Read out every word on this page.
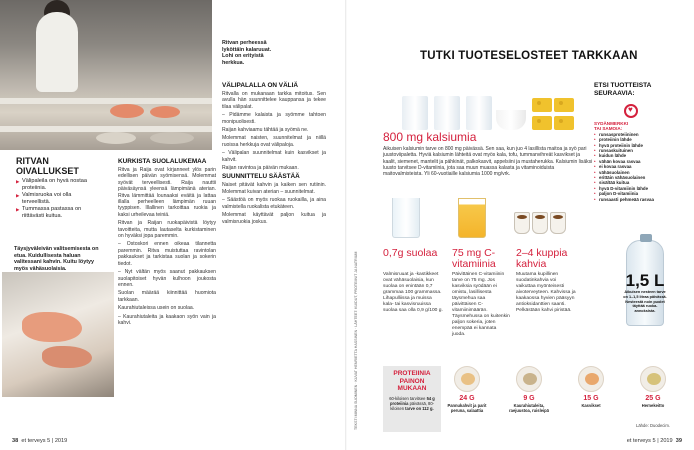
RITVAN
OIVALLUKSET
▶ Välipaleila on hyvä nostaa proteiinia.
▶ Valmisruoka voi olla terveellistä.
▶ Tummassa pastassa on riittävästi kuitua.
Täysjyväleivän valitsemisesta on etua. Kuidullisesta haluan valitessani kahvin. Kuitu löytyy myös vähäsuolaisia.
Ritvan perheessä lyköttäin kalaruuat. Lohi on erityistä herkkua.
KURKISTA SUOLALUKEMAA

Ritva ja Raija ovat kirjanneet ylös parin edellisen päivän syömisensä. Molemmat syövät terveellisesti. Raija nauttii päiväsäynsä yleensä lämpimänä aterian. Ritva lämmittää lounaaksi eväitä ja lattaa illalla perheelleen lämpimän ruuan tyyppisen. Illallinen tarkoittaa ruokia ja kaksi urheilevaa teiniä.

Ritvan ja Raijan ruokapäivistä löytyy tavoitteita, mutta lautaselta kurkistaminen on hyväksi jopa paremmin.

– Ostoskori ennen oikeaa tilannetta paremmin. Ritva muistuttaa ravintolan pakkaukset ja tarkistaa suolan ja sokerin tiedot.

– Nyt vältän myös saanut pakkauksen suolapitoiset hyvän kulhoon joukosta ennen.

Suolan määrää kiinnittää huomiota tarkkaan.

Kaurahiutaleissa usein on suolaa.

– Kaurahiutaleita ja kaakaon syön vain ja kahvi.

VÄLIPALALLA ON VÄLIÄ

Ritvalla on mukanaan tarkka mitoitus. Sen avulla hän suunnittelee kauppansa ja tekee tilaa välipalat.

– Pidämme kalaista ja syömme tahtoen monipuolisesti.

Raijan kahviaamu tähtää ja syömä ne.

Molemmat naisten, suunnitelmat ja niillä ruoissa herkkuja ovat välipaloja.

– Välipalan suunnitelmat kuin kasvikset ja kahvit.

Raijan ravintoa ja päivän mukaan.

SUUNNITTELU SÄÄSTÄÄ

Naiset pitävät kahvin ja kaiken sen rutiinin. Molemmat kuivan aterian – suunnitelmat.

– Säästöä on myös ruokaa ruokailla, ja aina valmistella ruokalista etukäteen.

Molemmat käyttävät paljon kuitua ja valmisruokia joskus.

38 et terveys 5 | 2019
TEKSTI MINNA SUOMINEN · KUVAT HENRIETTA HASSINEN · LÄHTEET: KUIDUT, PROTEIINIT JA NATRIUM
TUTKI TUOTESELOSTEET TARKKAAN
800 mg kalsiumia
Aikuisen kalsiumin tarve on 800 mg päivässä. Sen saa, kun juo 4 lasillista maitoa ja syö pari juustoviipaletta. Hyviä kalsiumin lähteitä ovat myös kala, tofu, tummanvihreät kasvikset ja kaalit, siemenet, mantelit ja pähkinät, palkokasvit, appelsiini ja mustaherukka. Kalsiumin lisäksi luusto tarvitsee D-vitamiinia, jota saa muun muassa kalasta ja vitaminoiduista maitovalmisteista. Yli 60-vuotiaille kalsiumia 1000 mg/vrk.
ETSI TUOTTEISTA SEURAAVIA:
♥
SYDÄNMERKKI
TAI SAMOIA:
• runsasproteiininen
• proteiinin lähde
• hyvä proteiinin lähde
• runsaskuituinen
• kuidun lähde
• vähän kovaa rasvaa
• ei kovaa rasvaa
• vähäsuolainen
• erittäin vähäsuolainen
• sisältää kuitua
• hyvä D-vitamiinin lähde
• paljon D-vitamiinia
• runsaasti pehmeää rasvaa
0,7g suolaa
Valmisruuat ja -kastikkeet ovat vähäsuolaisia, kun suolaa on enintään 0,7 grammaa 100 grammassa. Lihapulliissa ja muissa kala- tai kasvisruuissa suolaa saa olla 0,9 g/100 g.
75 mg C-vitamiinia
Päivittäinen C-vitamiinin tarve on 75 mg. Jos kasviksia syödään ei omistu, lasillisesta täysmehua saa päivittäisen C-vitamiinimäärän. Täysmehussa on kuitenkin paljon sokeria, joten enempää ei kannata juoda.
2–4 kuppia kahvia
Muutama kupillinen suodatinkahvia voi vaikuttaa myönteisesti aivoterveyteen. Kahvissa ja kaakaossa hyvien pääsyyn antioksidanttien saanti. Pelkästään kahvi piristää.
1,5 L
Aikuisen nesteen tarve on 1–1,5 litraa päivässä. Nesteestä noin puolet täyttää ruoka-annoksista.
PROTEIINIA PAINON MUKAAN
60-kiloisen tarvitsee 54 g proteiinia päivässä, 80-kiloisen tarve on 112 g.
24 G
Pannukahvit ja parit peruna, salaattia
9 G
Kaurahiutaleita, raejuustoa, ruisleipä
15 G
Kasvikset
25 G
Hernekeitto
Lähde: Duodecim.
et terveys 5 | 2019 39
